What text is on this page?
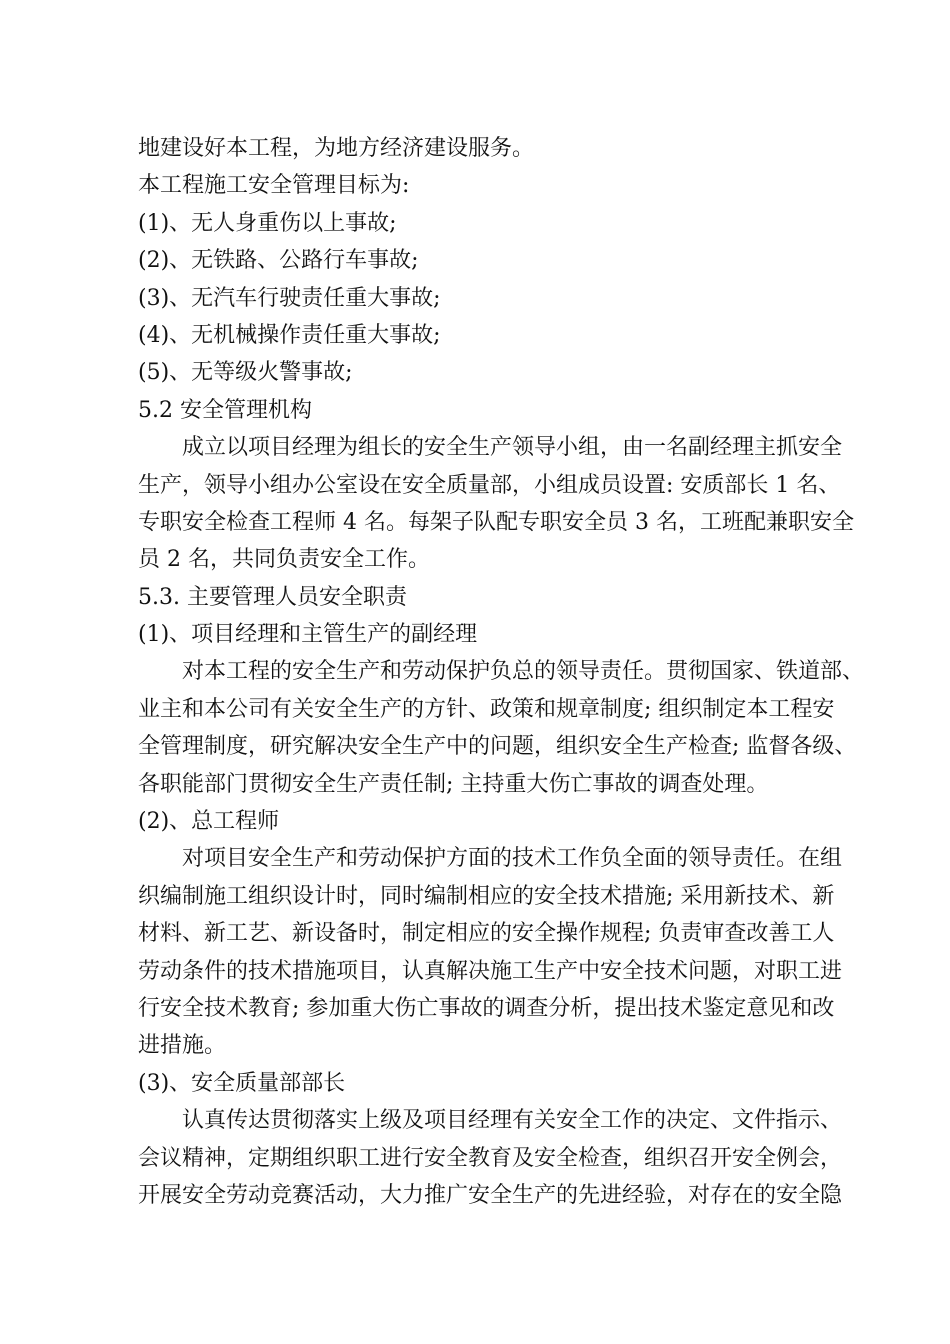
地建设好本工程，为地方经济建设服务。

本工程施工安全管理目标为:

(1)、无人身重伤以上事故;

(2)、无铁路、公路行车事故;

(3)、无汽车行驶责任重大事故;

(4)、无机械操作责任重大事故;

(5)、无等级火警事故;

5.2 安全管理机构

成立以项目经理为组长的安全生产领导小组，由一名副经理主抓安全

生产，领导小组办公室设在安全质量部，小组成员设置: 安质部长 1 名、

专职安全检查工程师 4 名。每架子队配专职安全员 3 名，工班配兼职安全

员 2 名，共同负责安全工作。

5.3. 主要管理人员安全职责

(1)、项目经理和主管生产的副经理

对本工程的安全生产和劳动保护负总的领导责任。贯彻国家、铁道部、

业主和本公司有关安全生产的方针、政策和规章制度; 组织制定本工程安

全管理制度，研究解决安全生产中的问题，组织安全生产检查; 监督各级、

各职能部门贯彻安全生产责任制; 主持重大伤亡事故的调查处理。

(2)、总工程师

对项目安全生产和劳动保护方面的技术工作负全面的领导责任。在组

织编制施工组织设计时，同时编制相应的安全技术措施; 采用新技术、新

材料、新工艺、新设备时，制定相应的安全操作规程; 负责审查改善工人

劳动条件的技术措施项目，认真解决施工生产中安全技术问题，对职工进

行安全技术教育; 参加重大伤亡事故的调查分析，提出技术鉴定意见和改

进措施。

(3)、安全质量部部长

认真传达贯彻落实上级及项目经理有关安全工作的决定、文件指示、

会议精神，定期组织职工进行安全教育及安全检查，组织召开安全例会，

开展安全劳动竞赛活动，大力推广安全生产的先进经验，对存在的安全隐
